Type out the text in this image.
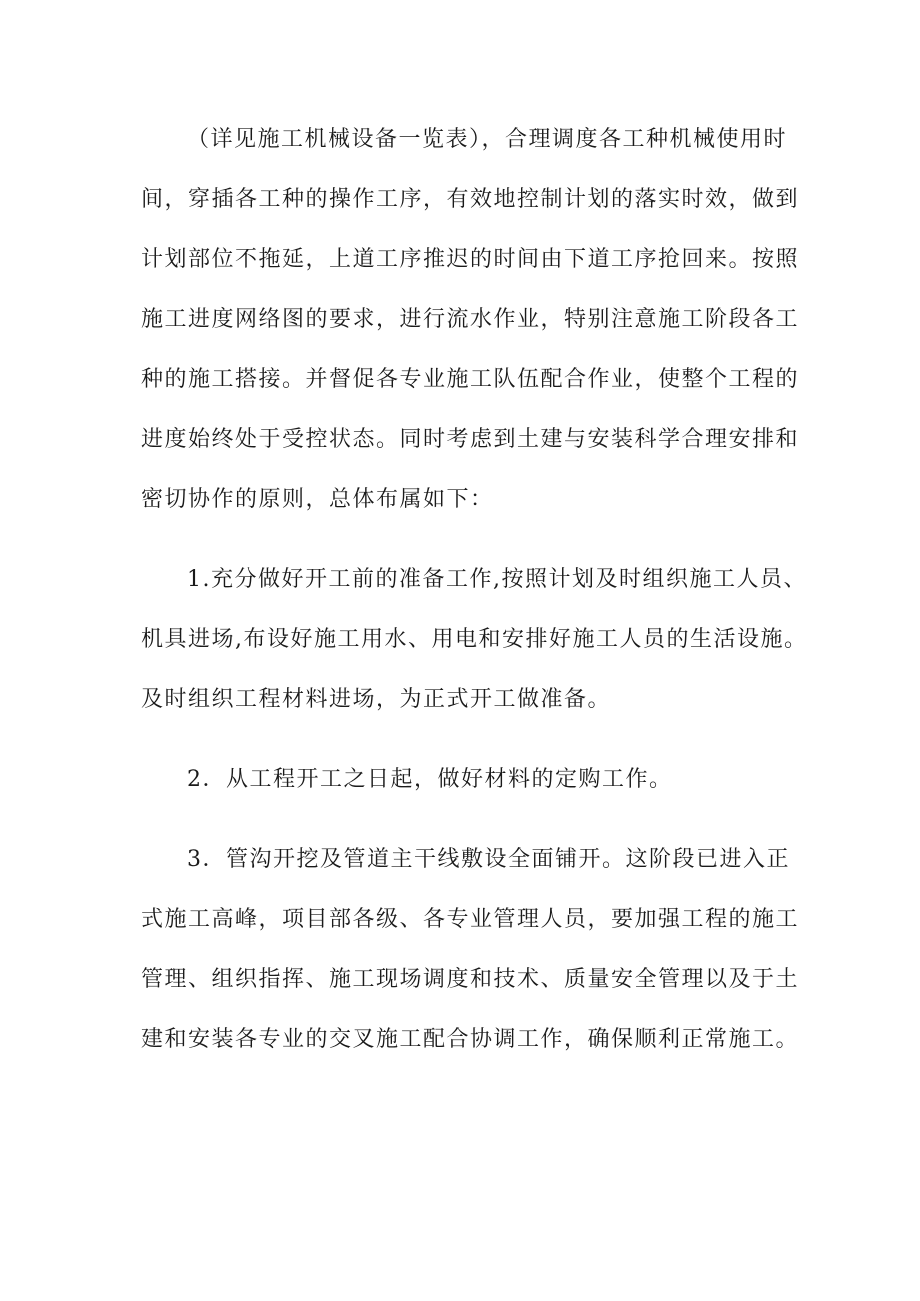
（详见施工机械设备一览表），合理调度各工种机械使用时
间，穿插各工种的操作工序，有效地控制计划的落实时效，做到
计划部位不拖延，上道工序推迟的时间由下道工序抢回来。按照
施工进度网络图的要求，进行流水作业，特别注意施工阶段各工
种的施工搭接。并督促各专业施工队伍配合作业，使整个工程的
进度始终处于受控状态。同时考虑到土建与安装科学合理安排和
密切协作的原则，总体布属如下：
1.充分做好开工前的准备工作,按照计划及时组织施工人员、
机具进场,布设好施工用水、用电和安排好施工人员的生活设施。
及时组织工程材料进场，为正式开工做准备。
2．从工程开工之日起，做好材料的定购工作。
3．管沟开挖及管道主干线敷设全面铺开。这阶段已进入正
式施工高峰，项目部各级、各专业管理人员，要加强工程的施工
管理、组织指挥、施工现场调度和技术、质量安全管理以及于土
建和安装各专业的交叉施工配合协调工作，确保顺利正常施工。
